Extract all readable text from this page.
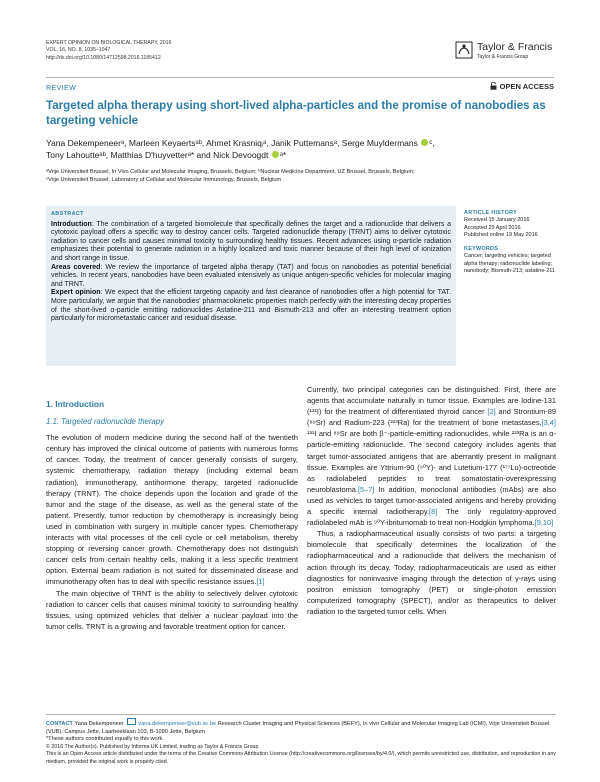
EXPERT OPINION ON BIOLOGICAL THERAPY, 2016
VOL. 16, NO. 8, 1035–1047
http://dx.doi.org/10.1080/14712598.2016.1185412
Taylor & Francis
Taylor & Francis Group
REVIEW	OPEN ACCESS
Targeted alpha therapy using short-lived alpha-particles and the promise of nanobodies as targeting vehicle
Yana Dekempeneerᵃ, Marleen Keyaertsᵃᵇ, Ahmet Krasniqᵢᵃ, Janik Puttemansᵃ, Serge Muyldermans ᶜ,
Tony Lahoutteᵃᵇ, Matthias D'huyvetterᵃ* and Nick Devoogdt ᵃ*
ᵃVrije Universiteit Brussel, In Vivo Cellular and Molecular Imaging, Brussels, Belgium; ᵇNuclear Medicine Department, UZ Brussel, Brussels, Belgium;
ᶜVrije Universiteit Brussel, Laboratory of Cellular and Molecular Immunology, Brussels, Belgium
ABSTRACT

Introduction: The combination of a targeted biomolecule that specifically defines the target and a radionuclide that delivers a cytotoxic payload offers a specific way to destroy cancer cells. Targeted radionuclide therapy (TRNT) aims to deliver cytotoxic radiation to cancer cells and causes minimal toxicity to surrounding healthy tissues. Recent advances using α-particle radiation emphasizes their potential to generate radiation in a highly localized and toxic manner because of their high level of ionization and short range in tissue.

Areas covered: We review the importance of targeted alpha therapy (TAT) and focus on nanobodies as potential beneficial vehicles. In recent years, nanobodies have been evaluated intensively as unique antigen-specific vehicles for molecular imaging and TRNT.

Expert opinion: We expect that the efficient targeting capacity and fast clearance of nanobodies offer a high potential for TAT. More particularly, we argue that the nanobodies' pharmacokinetic properties match perfectly with the interesting decay properties of the short-lived α-particle emitting radionuclides Astatine-211 and Bismuth-213 and offer an interesting treatment option particularly for micrometastatic cancer and residual disease.

ARTICLE HISTORY
Received 15 January 2016
Accepted 29 April 2016
Published online 19 May 2016
KEYWORDS
Cancer; targeting vehicles; targeted alpha therapy; radionuclide labeling; nanobody; Bismuth-213; astatine-211
1. Introduction
1.1. Targeted radionuclide therapy

The evolution of modern medicine during the second half of the twentieth century has improved the clinical outcome of patients with numerous forms of cancer. Today, the treatment of cancer generally consists of surgery, systemic chemotherapy, radiation therapy (including external beam radiation), immunotherapy, antihormone therapy, targeted radionuclide therapy (TRNT). The choice depends upon the location and grade of the tumor and the stage of the disease, as well as the general state of the patient. Presently, tumor reduction by chemotherapy is increasingly being used in combination with surgery in multiple cancer types. Chemotherapy interacts with vital processes of the cell cycle or cell metabolism, thereby stopping or reversing cancer growth. Chemotherapy does not distinguish cancer cells from certain healthy cells, making it a less specific treatment option. External beam radiation is not suited for disseminated disease and immunotherapy often has to deal with specific resistance issues.[1]

The main objective of TRNT is the ability to selectively deliver cytotoxic radiation to cancer cells that causes minimal toxicity to surrounding healthy tissues, using optimized vehicles that deliver a nuclear payload into the tumor cells. TRNT is a growing and favorable treatment option for cancer.

Currently, two principal categories can be distinguished. First, there are agents that accumulate naturally in tumor tissue. Examples are Iodine-131 (¹³¹I) for the treatment of differentiated thyroid cancer [2] and Strontium-89 (⁸⁹Sr) and Radium-223 (²²³Ra) for the treatment of bone metastases,[3,4] ¹³¹I and ⁸⁹Sr are both β⁻-particle-emitting radionuclides, while ²²³Ra is an α-particle-emitting radionuclide. The second category includes agents that target tumor-associated antigens that are aberrantly present in malignant tissue. Examples are Yttrium-90 (⁹⁰Y)- and Lutetium-177 (¹⁷⁷Lu)-octreotide as radiolabeled peptides to treat somatostatin-overexpressing neuroblastoma.[5–7] In addition, monoclonal antibodies (mAbs) are also used as vehicles to target tumor-associated antigens and hereby providing a specific internal radiotherapy.[8] The only regulatory-approved radiolabeled mAb is ⁹⁰Y-ibritumomab to treat non-Hodgkin lymphoma.[9,10]

Thus, a radiopharmaceutical usually consists of two parts: a targeting biomolecule that specifically determines the localization of the radiopharmaceutical and a radionuclide that delivers the mechanism of action through its decay. Today, radiopharmaceuticals are used as either diagnostics for noninvasive imaging through the detection of γ-rays using positron emission tomography (PET) or single-photon emission computerized tomography (SPECT), and/or as therapeutics to deliver radiation to the targeted tumor cells. When

CONTACT Yana Dekempeneer	yana.dekempeneer@vub.ac.be Research Cluster Imaging and Physical Sciences (BEFY), In vivo Cellular and Molecular Imaging Lab (ICMI), Vrije Universiteit Brussel (VUB), Campus Jette, Laarbeeklaan 103, B-1090 Jette, Belgium
*These authors contributed equally to this work.
© 2016 The Author(s). Published by Informa UK Limited, trading as Taylor & Francis Group
This is an Open Access article distributed under the terms of the Creative Commons Attribution License (http://creativecommons.org/licenses/by/4.0/), which permits unrestricted use, distribution, and reproduction in any medium, provided the original work is properly cited.
